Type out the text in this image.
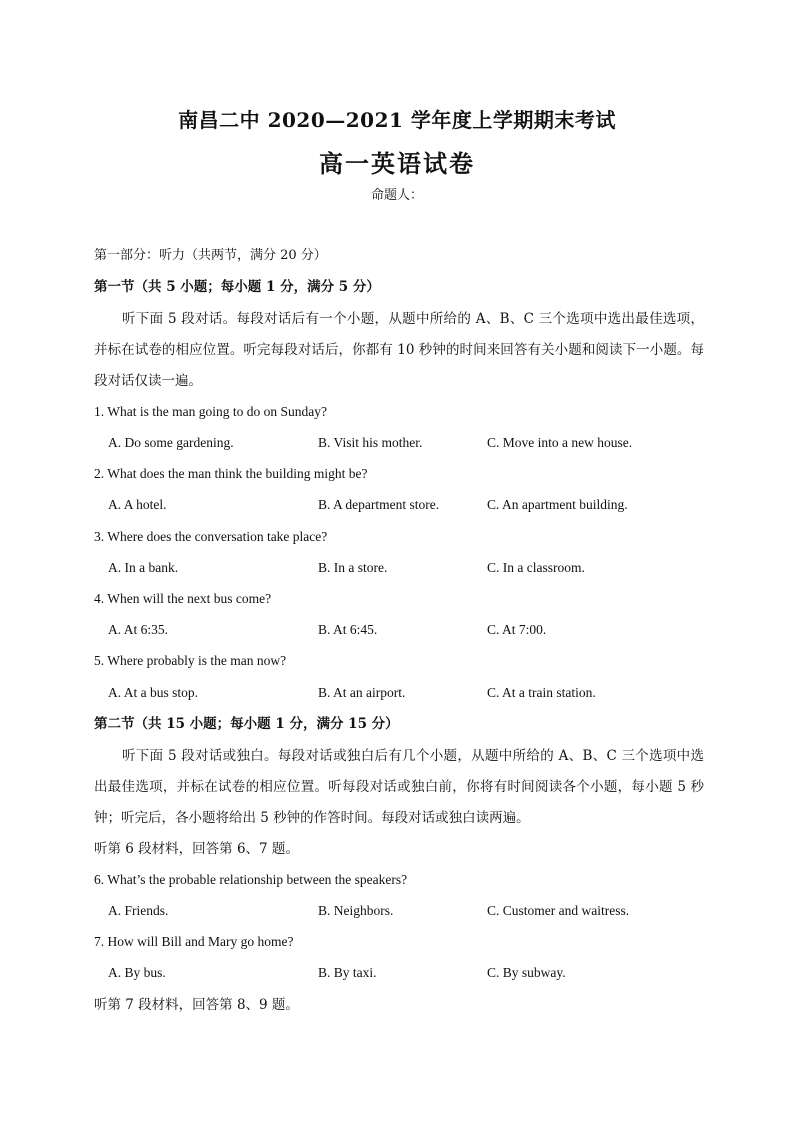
南昌二中 2020—2021 学年度上学期期末考试
高一英语试卷
命题人：
第一部分：听力（共两节，满分 20 分）
第一节（共 5 小题；每小题 1 分，满分 5 分）

听下面 5 段对话。每段对话后有一个小题，从题中所给的 A、B、C 三个选项中选出最佳选项，并标在试卷的相应位置。听完每段对话后，你都有 10 秒钟的时间来回答有关小题和阅读下一小题。每段对话仅读一遍。

1. What is the man going to do on Sunday?
A. Do some gardening.	B. Visit his mother.	C. Move into a new house.
2. What does the man think the building might be?
A. A hotel.	B. A department store.	C. An apartment building.
3. Where does the conversation take place?
A. In a bank.	B. In a store.	C. In a classroom.
4. When will the next bus come?
A. At 6:35.	B. At 6:45.	C. At 7:00.
5. Where probably is the man now?
A. At a bus stop.	B. At an airport.	C. At a train station.
第二节（共 15 小题；每小题 1 分，满分 15 分）

听下面 5 段对话或独白。每段对话或独白后有几个小题，从题中所给的 A、B、C 三个选项中选出最佳选项，并标在试卷的相应位置。听每段对话或独白前，你将有时间阅读各个小题，每小题 5 秒钟；听完后，各小题将给出 5 秒钟的作答时间。每段对话或独白读两遍。

听第 6 段材料，回答第 6、7 题。
6. What’s the probable relationship between the speakers?
A. Friends.	B. Neighbors.	C. Customer and waitress.
7. How will Bill and Mary go home?
A. By bus.	B. By taxi.	C. By subway.
听第 7 段材料，回答第 8、9 题。
